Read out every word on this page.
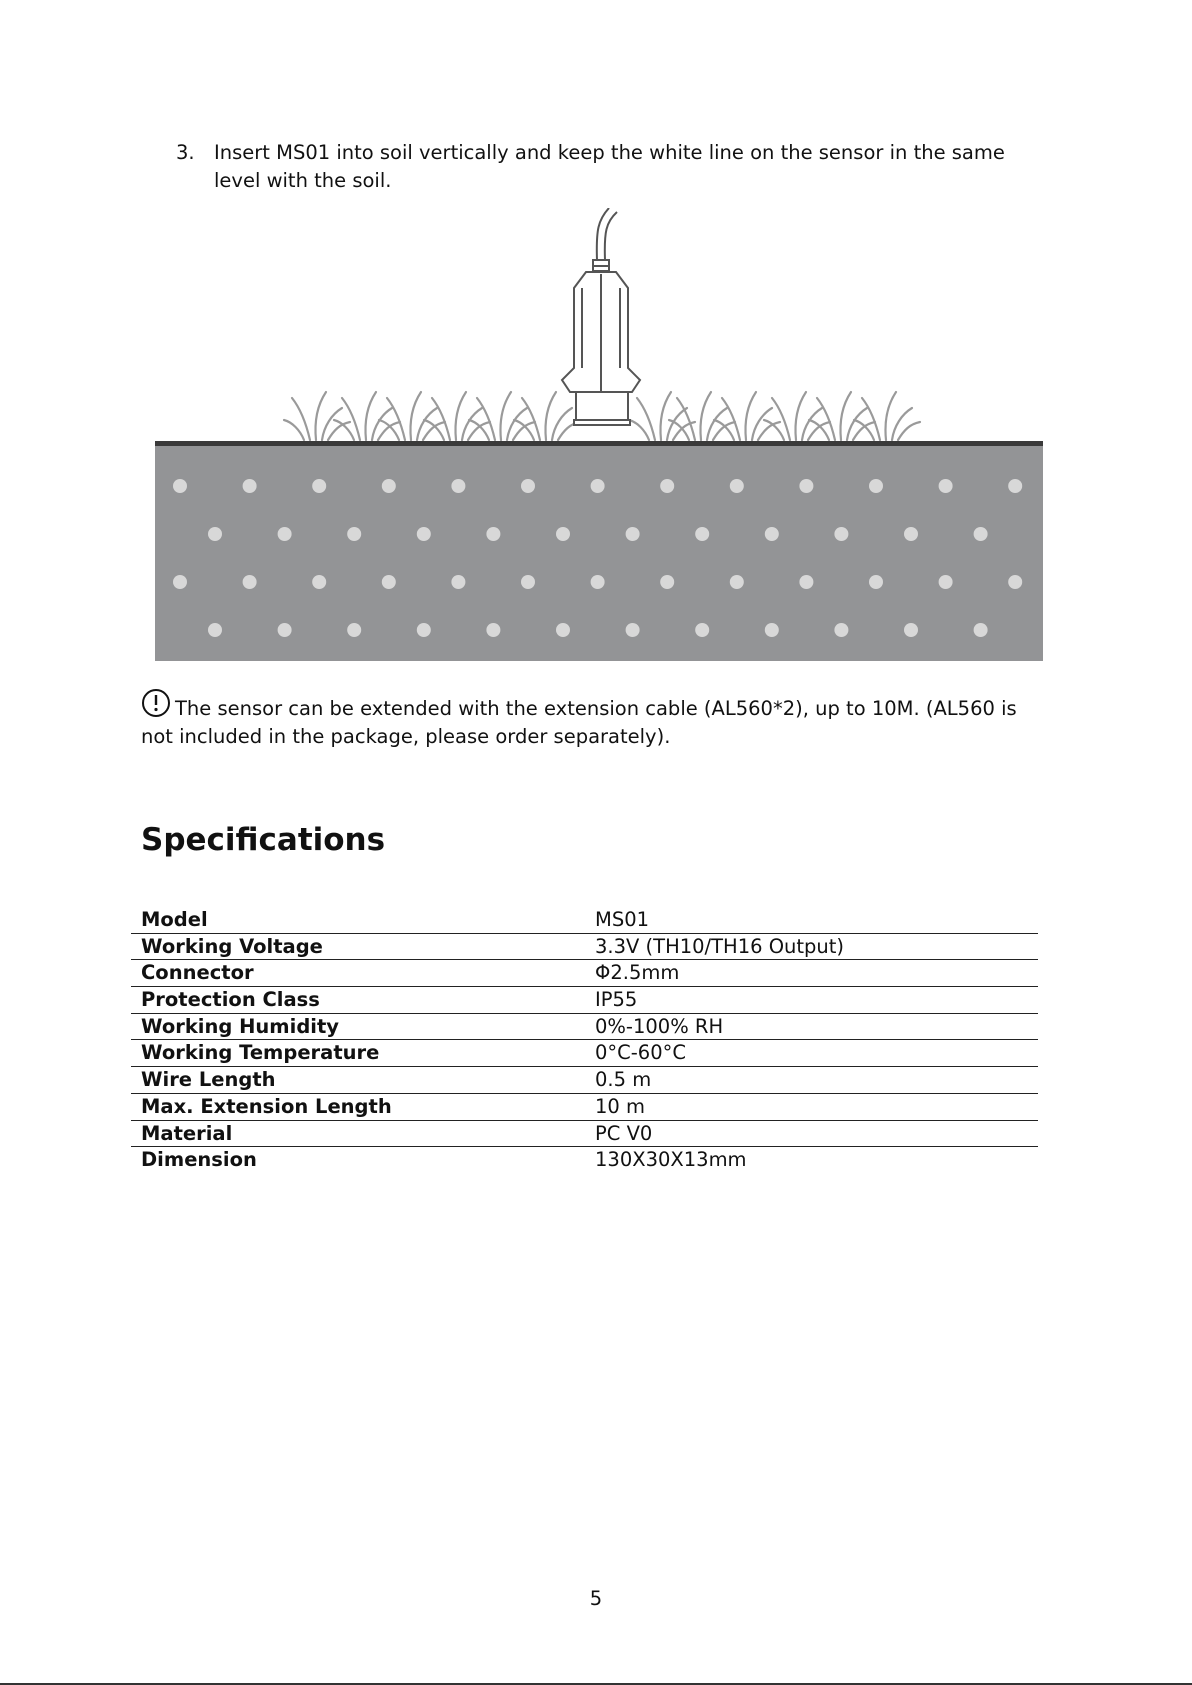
3. Insert MS01 into soil vertically and keep the white line on the sensor in the same level with the soil.
The sensor can be extended with the extension cable (AL560*2), up to 10M. (AL560 is not included in the package, please order separately).
Specifications
Model	MS01
Working Voltage	3.3V (TH10/TH16 Output)
Connector	Φ2.5mm
Protection Class	IP55
Working Humidity	0%-100% RH
Working Temperature	0°C-60°C
Wire Length	0.5 m
Max. Extension Length	10 m
Material	PC V0
Dimension	130X30X13mm
5
